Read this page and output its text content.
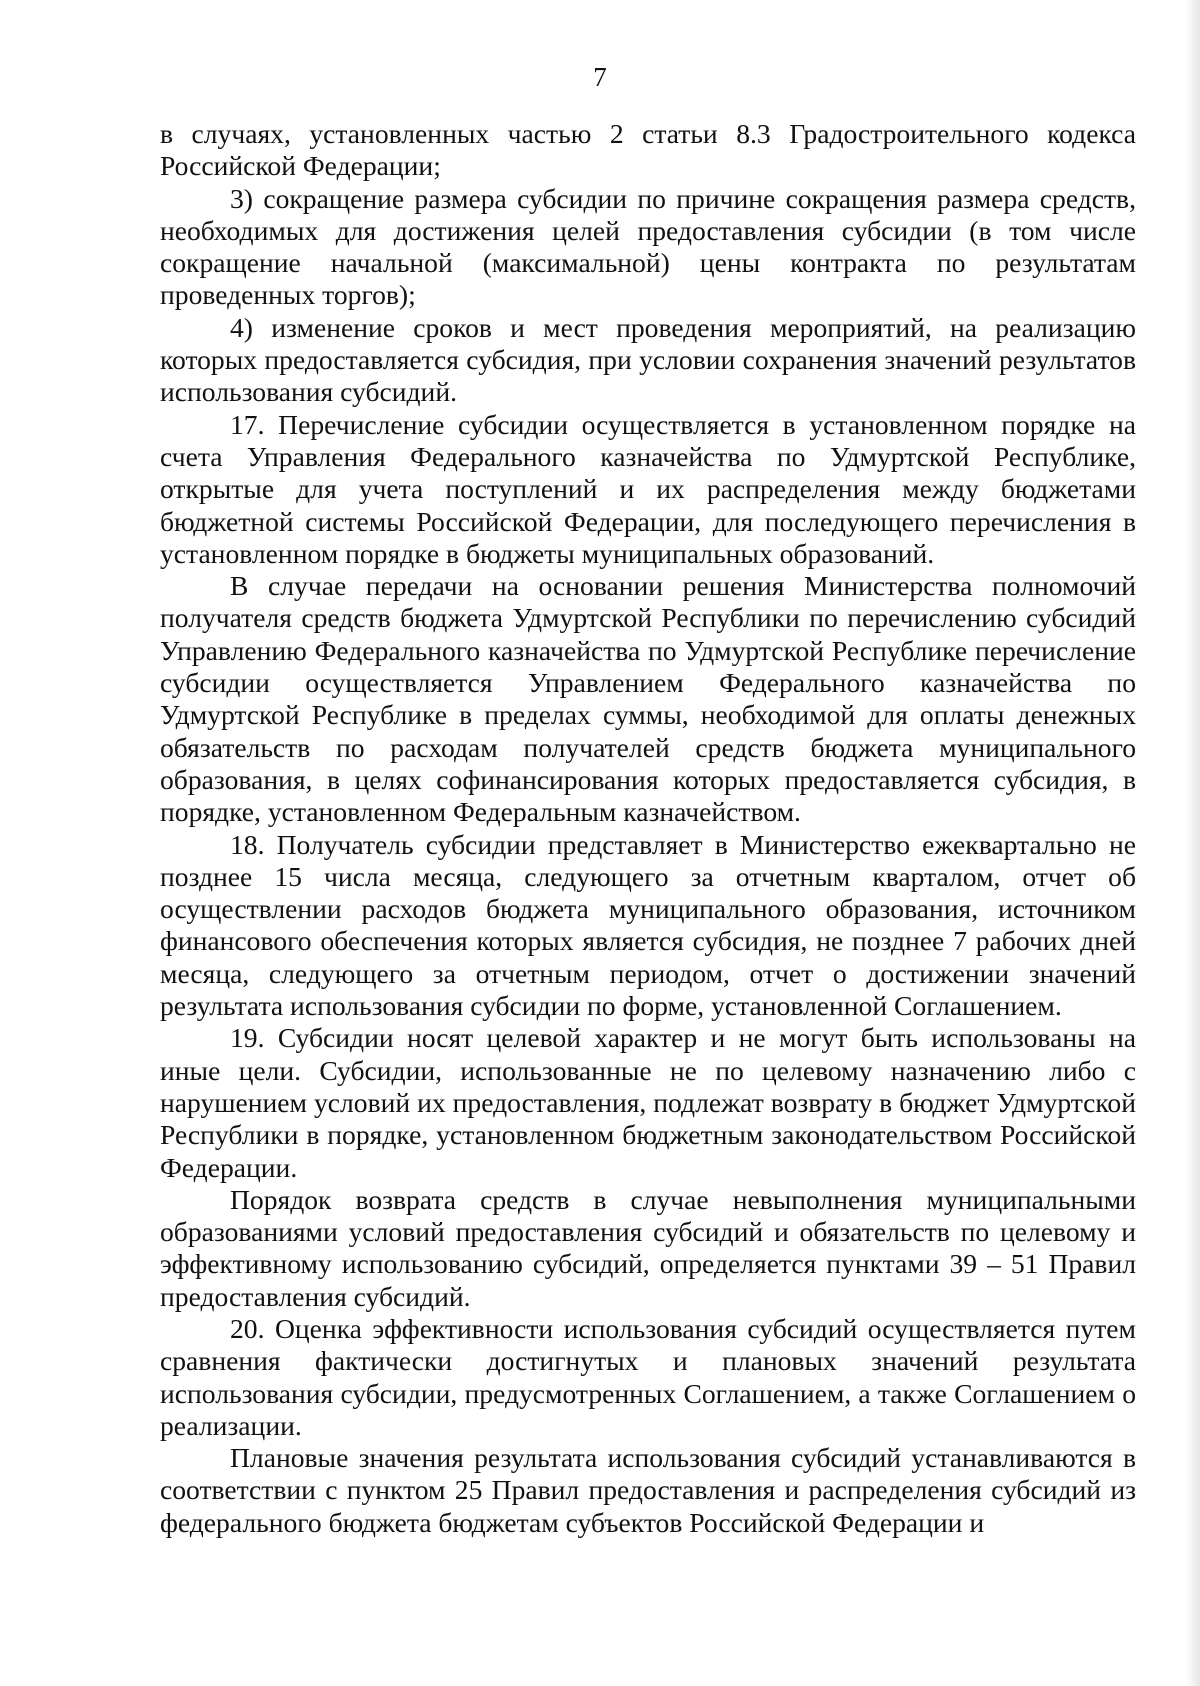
7

в случаях, установленных частью 2 статьи 8.3 Градостроительного кодекса Российской Федерации;

3) сокращение размера субсидии по причине сокращения размера средств, необходимых для достижения целей предоставления субсидии (в том числе сокращение начальной (максимальной) цены контракта по результатам проведенных торгов);

4) изменение сроков и мест проведения мероприятий, на реализацию которых предоставляется субсидия, при условии сохранения значений результатов использования субсидий.

17. Перечисление субсидии осуществляется в установленном порядке на счета Управления Федерального казначейства по Удмуртской Республике, открытые для учета поступлений и их распределения между бюджетами бюджетной системы Российской Федерации, для последующего перечисления в установленном порядке в бюджеты муниципальных образований.

В случае передачи на основании решения Министерства полномочий получателя средств бюджета Удмуртской Республики по перечислению субсидий Управлению Федерального казначейства по Удмуртской Республике перечисление субсидии осуществляется Управлением Федерального казначейства по Удмуртской Республике в пределах суммы, необходимой для оплаты денежных обязательств по расходам получателей средств бюджета муниципального образования, в целях софинансирования которых предоставляется субсидия, в порядке, установленном Федеральным казначейством.

18. Получатель субсидии представляет в Министерство ежеквартально не позднее 15 числа месяца, следующего за отчетным кварталом, отчет об осуществлении расходов бюджета муниципального образования, источником финансового обеспечения которых является субсидия, не позднее 7 рабочих дней месяца, следующего за отчетным периодом, отчет о достижении значений результата использования субсидии по форме, установленной Соглашением.

19. Субсидии носят целевой характер и не могут быть использованы на иные цели. Субсидии, использованные не по целевому назначению либо с нарушением условий их предоставления, подлежат возврату в бюджет Удмуртской Республики в порядке, установленном бюджетным законодательством Российской Федерации.

Порядок возврата средств в случае невыполнения муниципальными образованиями условий предоставления субсидий и обязательств по целевому и эффективному использованию субсидий, определяется пунктами 39 – 51 Правил предоставления субсидий.

20. Оценка эффективности использования субсидий осуществляется путем сравнения фактически достигнутых и плановых значений результата использования субсидии, предусмотренных Соглашением, а также Соглашением о реализации.

Плановые значения результата использования субсидий устанавливаются в соответствии с пунктом 25 Правил предоставления и распределения субсидий из федерального бюджета бюджетам субъектов Российской Федерации и
